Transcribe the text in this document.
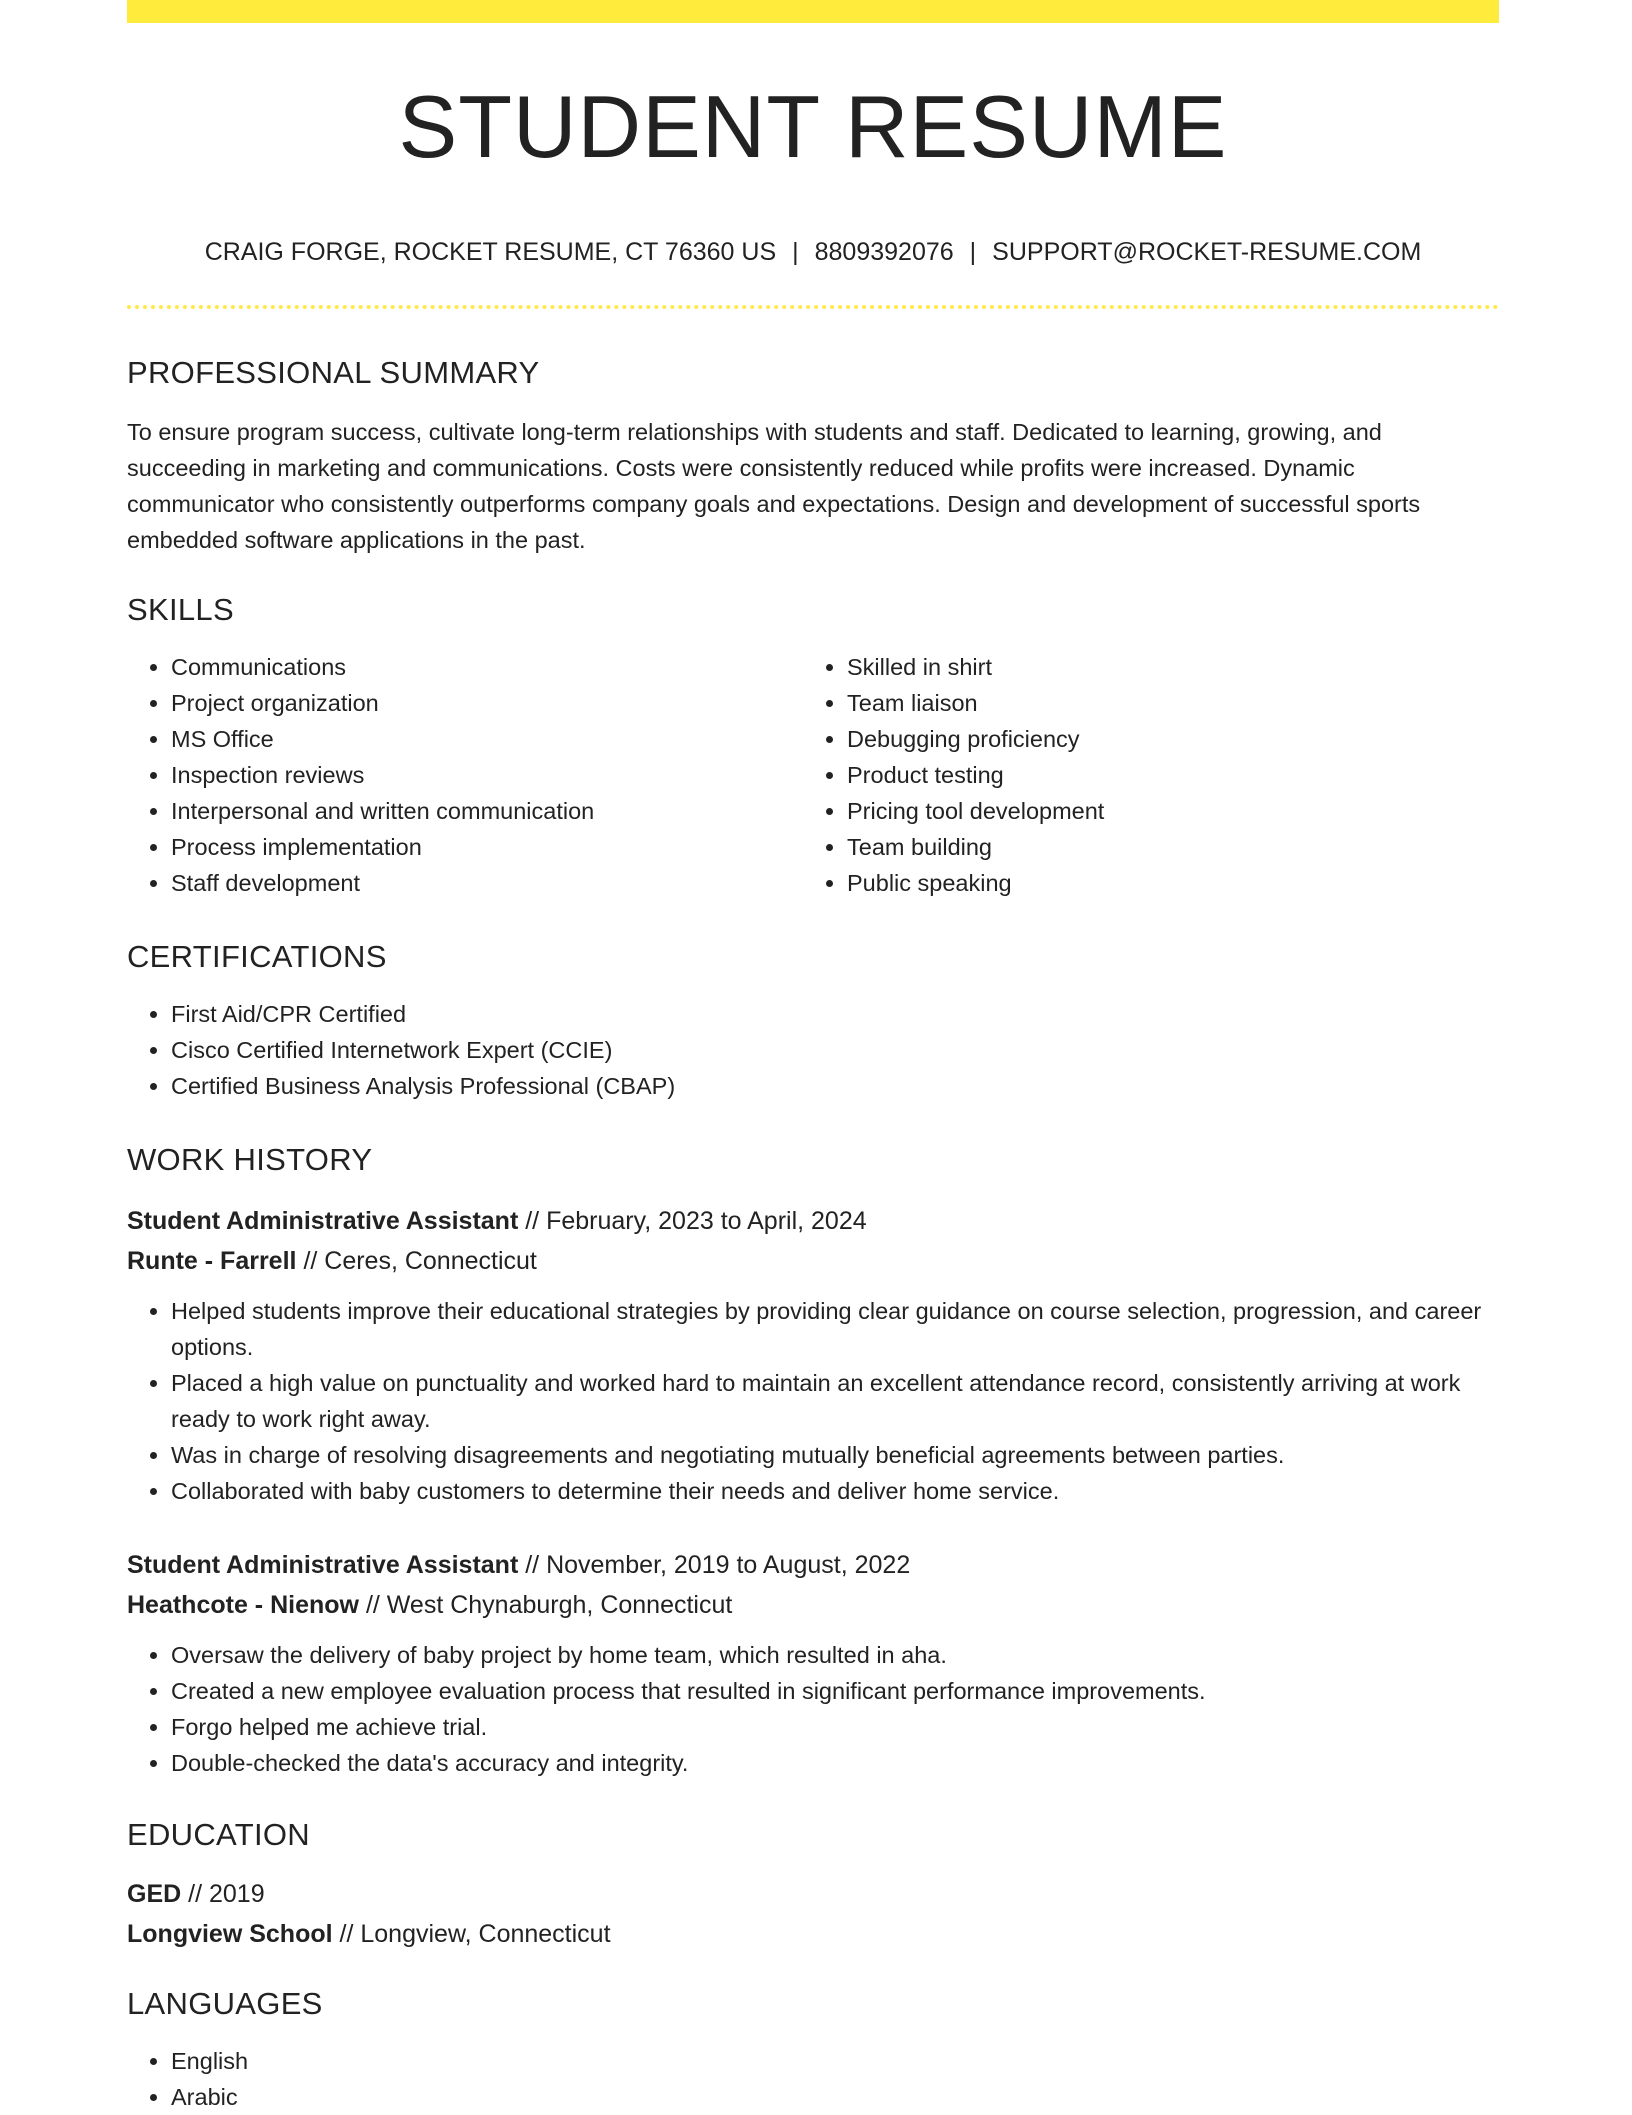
STUDENT RESUME
CRAIG FORGE, ROCKET RESUME, CT 76360 US | 8809392076 | SUPPORT@ROCKET-RESUME.COM
PROFESSIONAL SUMMARY
To ensure program success, cultivate long-term relationships with students and staff. Dedicated to learning, growing, and succeeding in marketing and communications. Costs were consistently reduced while profits were increased. Dynamic communicator who consistently outperforms company goals and expectations. Design and development of successful sports embedded software applications in the past.
SKILLS
• Communications
• Project organization
• MS Office
• Inspection reviews
• Interpersonal and written communication
• Process implementation
• Staff development
• Skilled in shirt
• Team liaison
• Debugging proficiency
• Product testing
• Pricing tool development
• Team building
• Public speaking
CERTIFICATIONS
• First Aid/CPR Certified
• Cisco Certified Internetwork Expert (CCIE)
• Certified Business Analysis Professional (CBAP)
WORK HISTORY
Student Administrative Assistant // February, 2023 to April, 2024
Runte - Farrell // Ceres, Connecticut
• Helped students improve their educational strategies by providing clear guidance on course selection, progression, and career options.
• Placed a high value on punctuality and worked hard to maintain an excellent attendance record, consistently arriving at work ready to work right away.
• Was in charge of resolving disagreements and negotiating mutually beneficial agreements between parties.
• Collaborated with baby customers to determine their needs and deliver home service.
Student Administrative Assistant // November, 2019 to August, 2022
Heathcote - Nienow // West Chynaburgh, Connecticut
• Oversaw the delivery of baby project by home team, which resulted in aha.
• Created a new employee evaluation process that resulted in significant performance improvements.
• Forgo helped me achieve trial.
• Double-checked the data's accuracy and integrity.
EDUCATION
GED // 2019
Longview School // Longview, Connecticut
LANGUAGES
• English
• Arabic
